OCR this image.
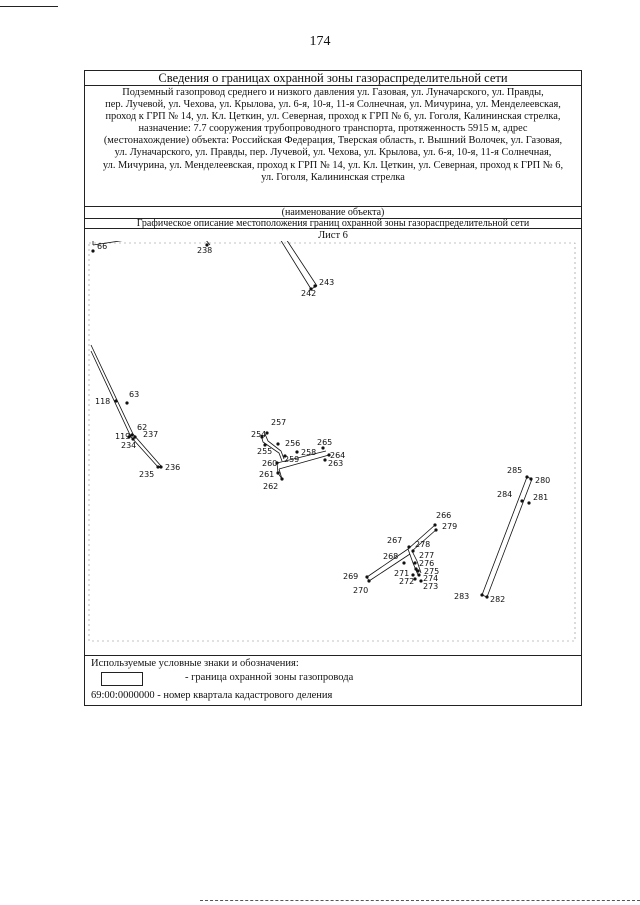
174
Сведения о границах охранной зоны газораспределительной сети
Подземный газопровод среднего и низкого давления ул. Газовая, ул. Луначарского, ул. Правды,
пер. Лучевой, ул. Чехова, ул. Крылова, ул. 6-я, 10-я, 11-я Солнечная, ул. Мичурина, ул. Менделеевская,
проход к ГРП № 14, ул. Кл. Цеткин, ул. Северная, проход к ГРП № 6, ул. Гоголя, Калининская стрелка,
назначение: 7.7 сооружения трубопроводного транспорта, протяженность 5915 м, адрес
(местонахождение) объекта: Российская Федерация, Тверская область, г. Вышний Волочек, ул. Газовая,
ул. Луначарского, ул. Правды, пер. Лучевой, ул. Чехова, ул. Крылова, ул. 6-я, 10-я, 11-я Солнечная,
ул. Мичурина, ул. Менделеевская, проход к ГРП № 14, ул. Кл. Цеткин, ул. Северная, проход к ГРП № 6,
ул. Гоголя, Калининская стрелка
(наименование объекта)
Графическое описание местоположения границ охранной зоны газораспределительной сети
Лист 6
66	238
243
242
118
63
62
119 237
234
236
235
257
254
256
255
265
258 264
259
260	263
261
262
285
280
284	281
266
279
267 278
268	277
276
275
271
274
269
272
273
270
283	282
Используемые условные знаки и обозначения:
- граница охранной зоны газопровода
69:00:0000000 - номер квартала кадастрового деления
